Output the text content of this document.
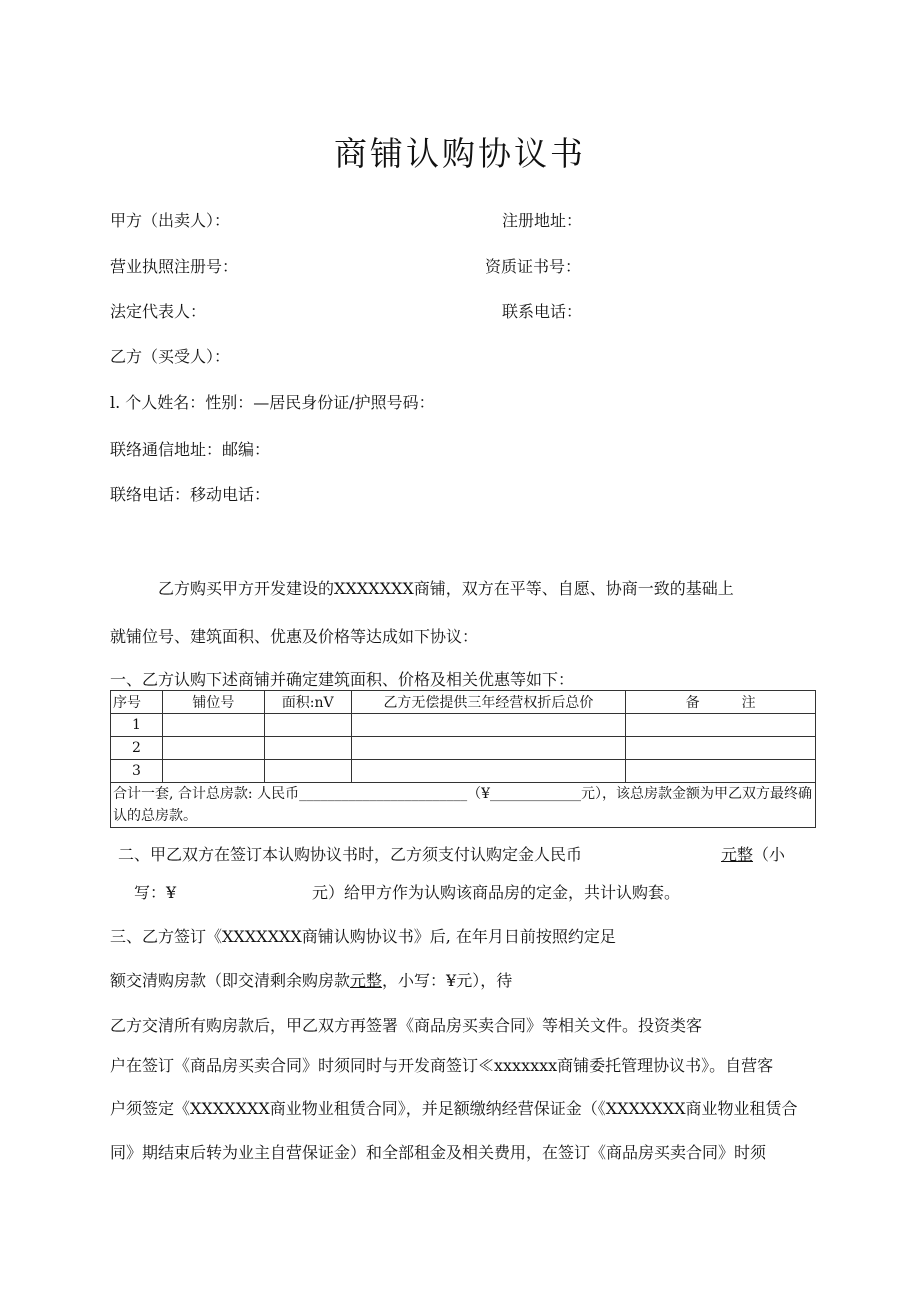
商铺认购协议书
甲方（出卖人）：	注册地址：
营业执照注册号：	资质证书号：
法定代表人：	联系电话：
乙方（买受人）：
l. 个人姓名：性别：—居民身份证/护照号码：
联络通信地址：邮编：
联络电话：移动电话：
乙方购买甲方开发建设的XXXXXXX商铺，双方在平等、自愿、协商一致的基础上
就铺位号、建筑面积、优惠及价格等达成如下协议：
一、乙方认购下述商铺并确定建筑面积、价格及相关优惠等如下：
序号	铺位号	面积:nV	乙方无偿提供三年经营权折后总价	备　　　注
1				
2				
3				
合计一套, 合计总房款: 人民币________________________（¥_____________元），该总房款金额为甲乙双方最终确认的总房款。				
二、甲乙双方在签订本认购协议书时，乙方须支付认购定金人民币	元整（小
写：¥	元）给甲方作为认购该商品房的定金，共计认购套。
三、乙方签订《XXXXXXX商铺认购协议书》后, 在年月日前按照约定足
额交清购房款（即交清剩余购房款元整，小写：¥元），待
乙方交清所有购房款后，甲乙双方再签署《商品房买卖合同》等相关文件。投资类客
户在签订《商品房买卖合同》时须同时与开发商签订≪xxxxxxx商铺委托管理协议书》。自营客
户须签定《XXXXXXX商业物业租赁合同》，并足额缴纳经营保证金（《XXXXXXX商业物业租赁合
同》期结束后转为业主自营保证金）和全部租金及相关费用，在签订《商品房买卖合同》时须
